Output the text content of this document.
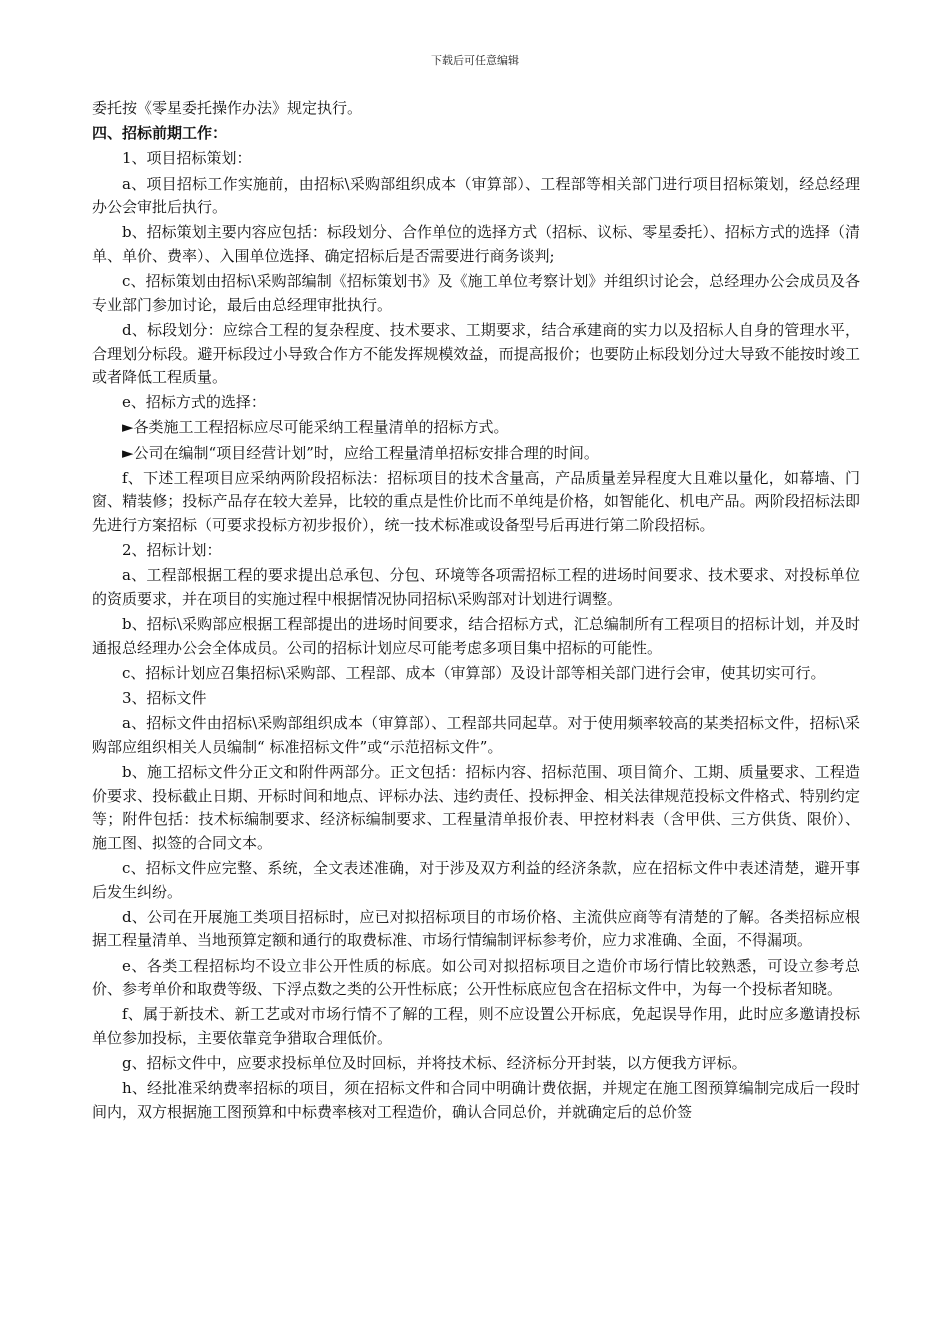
下载后可任意编辑

委托按《零星委托操作办法》规定执行。

四、招标前期工作：

1、项目招标策划：

a、项目招标工作实施前，由招标\采购部组织成本（审算部）、工程部等相关部门进行项目招标策划，经总经理办公会审批后执行。

b、招标策划主要内容应包括：标段划分、合作单位的选择方式（招标、议标、零星委托）、招标方式的选择（清单、单价、费率）、入围单位选择、确定招标后是否需要进行商务谈判;

c、招标策划由招标\采购部编制《招标策划书》及《施工单位考察计划》并组织讨论会，总经理办公会成员及各专业部门参加讨论，最后由总经理审批执行。

d、标段划分：应综合工程的复杂程度、技术要求、工期要求，结合承建商的实力以及招标人自身的管理水平，合理划分标段。避开标段过小导致合作方不能发挥规模效益，而提高报价；也要防止标段划分过大导致不能按时竣工或者降低工程质量。

e、招标方式的选择：

►各类施工工程招标应尽可能采纳工程量清单的招标方式。

►公司在编制“项目经营计划”时，应给工程量清单招标安排合理的时间。

f、下述工程项目应采纳两阶段招标法：招标项目的技术含量高，产品质量差异程度大且难以量化，如幕墙、门窗、精装修；投标产品存在较大差异，比较的重点是性价比而不单纯是价格，如智能化、机电产品。两阶段招标法即先进行方案招标（可要求投标方初步报价），统一技术标准或设备型号后再进行第二阶段招标。

2、招标计划：

a、工程部根据工程的要求提出总承包、分包、环境等各项需招标工程的进场时间要求、技术要求、对投标单位的资质要求，并在项目的实施过程中根据情况协同招标\采购部对计划进行调整。

b、招标\采购部应根据工程部提出的进场时间要求，结合招标方式，汇总编制所有工程项目的招标计划，并及时通报总经理办公会全体成员。公司的招标计划应尽可能考虑多项目集中招标的可能性。

c、招标计划应召集招标\采购部、工程部、成本（审算部）及设计部等相关部门进行会审，使其切实可行。

3、招标文件

a、招标文件由招标\采购部组织成本（审算部）、工程部共同起草。对于使用频率较高的某类招标文件，招标\采购部应组织相关人员编制“ 标准招标文件”或“示范招标文件”。

b、施工招标文件分正文和附件两部分。正文包括：招标内容、招标范围、项目简介、工期、质量要求、工程造价要求、投标截止日期、开标时间和地点、评标办法、违约责任、投标押金、相关法律规范投标文件格式、特别约定等；附件包括：技术标编制要求、经济标编制要求、工程量清单报价表、甲控材料表（含甲供、三方供货、限价）、施工图、拟签的合同文本。

c、招标文件应完整、系统，全文表述准确，对于涉及双方利益的经济条款，应在招标文件中表述清楚，避开事后发生纠纷。

d、公司在开展施工类项目招标时，应已对拟招标项目的市场价格、主流供应商等有清楚的了解。各类招标应根据工程量清单、当地预算定额和通行的取费标准、市场行情编制评标参考价，应力求准确、全面，不得漏项。

e、各类工程招标均不设立非公开性质的标底。如公司对拟招标项目之造价市场行情比较熟悉，可设立参考总价、参考单价和取费等级、下浮点数之类的公开性标底；公开性标底应包含在招标文件中，为每一个投标者知晓。

f、属于新技术、新工艺或对市场行情不了解的工程，则不应设置公开标底，免起误导作用，此时应多邀请投标单位参加投标，主要依靠竞争猎取合理低价。

g、招标文件中，应要求投标单位及时回标，并将技术标、经济标分开封装，以方便我方评标。

h、经批准采纳费率招标的项目，须在招标文件和合同中明确计费依据，并规定在施工图预算编制完成后一段时间内，双方根据施工图预算和中标费率核对工程造价，确认合同总价，并就确定后的总价签
